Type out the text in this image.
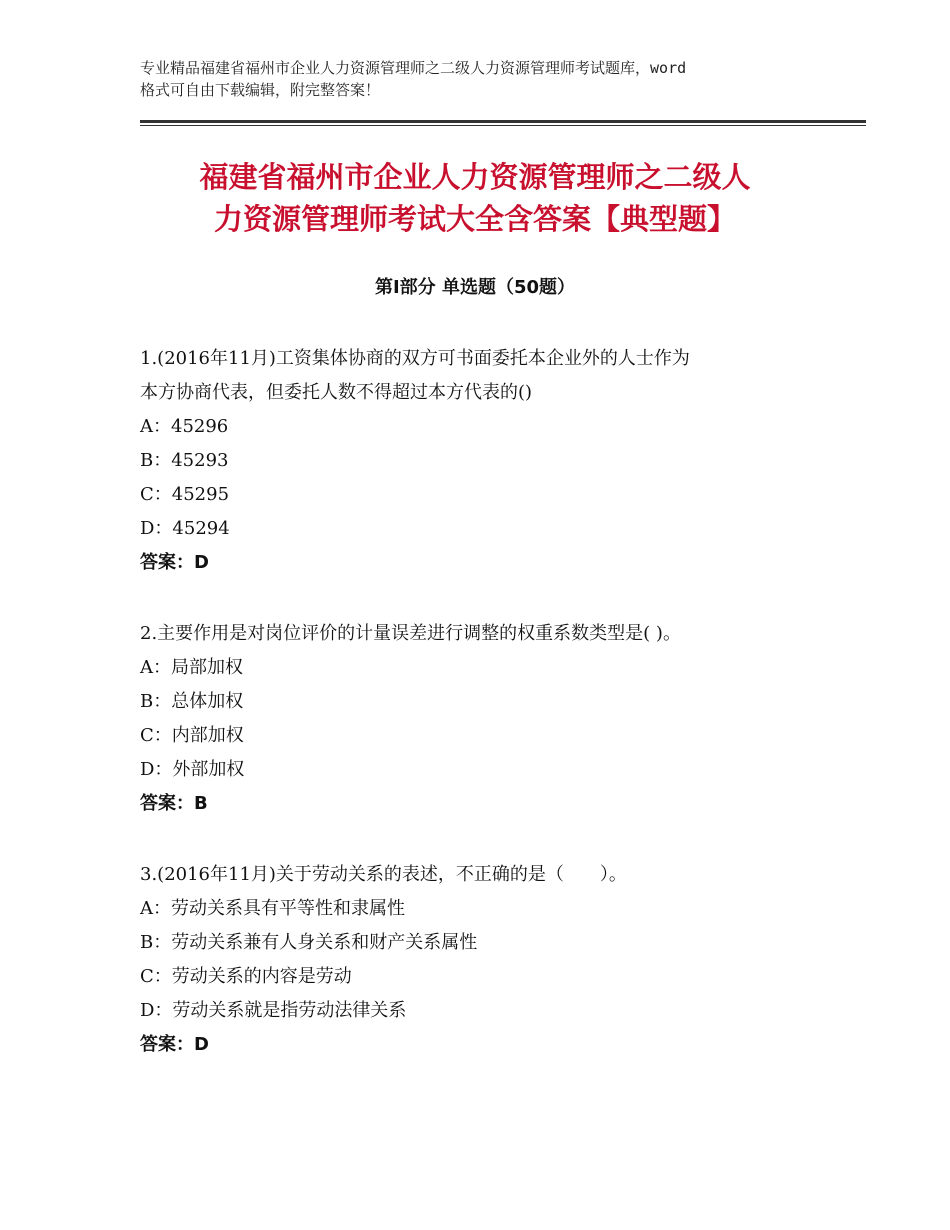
专业精品福建省福州市企业人力资源管理师之二级人力资源管理师考试题库，word
格式可自由下载编辑，附完整答案！
福建省福州市企业人力资源管理师之二级人
力资源管理师考试大全含答案【典型题】
第Ⅰ部分 单选题（50题）
1.(2016年11月)工资集体协商的双方可书面委托本企业外的人士作为
本方协商代表，但委托人数不得超过本方代表的()
A：45296
B：45293
C：45295
D：45294
答案：D
2.主要作用是对岗位评价的计量误差进行调整的权重系数类型是( )。
A：局部加权
B：总体加权
C：内部加权
D：外部加权
答案：B
3.(2016年11月)关于劳动关系的表述，不正确的是（　　）。
A：劳动关系具有平等性和隶属性
B：劳动关系兼有人身关系和财产关系属性
C：劳动关系的内容是劳动
D：劳动关系就是指劳动法律关系
答案：D
